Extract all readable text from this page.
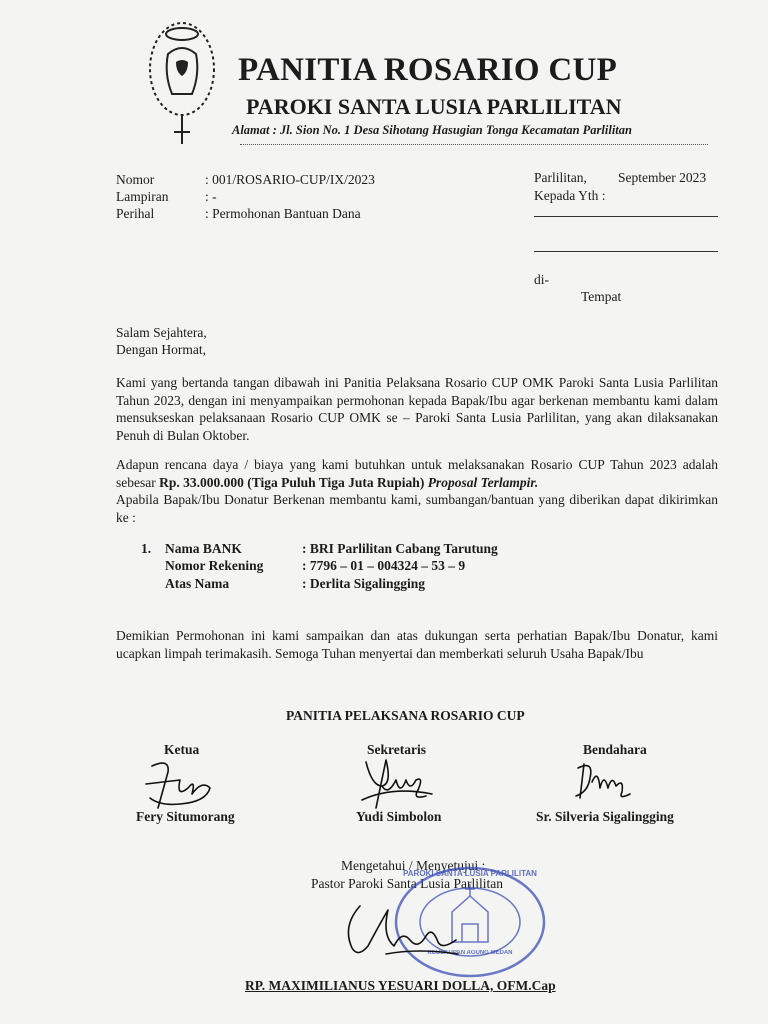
PANITIA ROSARIO CUP
PAROKI SANTA LUSIA PARLILITAN
Alamat : Jl. Sion No. 1 Desa Sihotang Hasugian Tonga Kecamatan Parlilitan
Nomor	: 001/ROSARIO-CUP/IX/2023
Lampiran	: -
Perihal	: Permohonan Bantuan Dana
Parlilitan, September 2023
Kepada Yth :
di-
Tempat
Salam Sejahtera,
Dengan Hormat,
Kami yang bertanda tangan dibawah ini Panitia Pelaksana Rosario CUP OMK Paroki Santa Lusia Parlilitan Tahun 2023, dengan ini menyampaikan permohonan kepada Bapak/Ibu agar berkenan membantu kami dalam mensukseskan pelaksanaan Rosario CUP OMK se – Paroki Santa Lusia Parlilitan, yang akan dilaksanakan Penuh di Bulan Oktober.
Adapun rencana daya / biaya yang kami butuhkan untuk melaksanakan Rosario CUP Tahun 2023 adalah sebesar Rp. 33.000.000 (Tiga Puluh Tiga Juta Rupiah) Proposal Terlampir.
Apabila Bapak/Ibu Donatur Berkenan membantu kami, sumbangan/bantuan yang diberikan dapat dikirimkan ke :
1. Nama BANK	: BRI Parlilitan Cabang Tarutung
Nomor Rekening	: 7796 – 01 – 004324 – 53 – 9
Atas Nama	: Derlita Sigalingging
Demikian Permohonan ini kami sampaikan dan atas dukungan serta perhatian Bapak/Ibu Donatur, kami ucapkan limpah terimakasih. Semoga Tuhan menyertai dan memberkati seluruh Usaha Bapak/Ibu
PANITIA PELAKSANA ROSARIO CUP
Ketua
Fery Situmorang
Sekretaris
Yudi Simbolon
Bendahara
Sr. Silveria Sigalingging
Mengetahui / Menyetujui :
Pastor Paroki Santa Lusia Parlilitan
PAROKI SANTA LUSIA PARLILITAN
KEUSKUPAN AGUNG MEDAN
RP. MAXIMILIANUS YESUARI DOLLA, OFM.Cap
